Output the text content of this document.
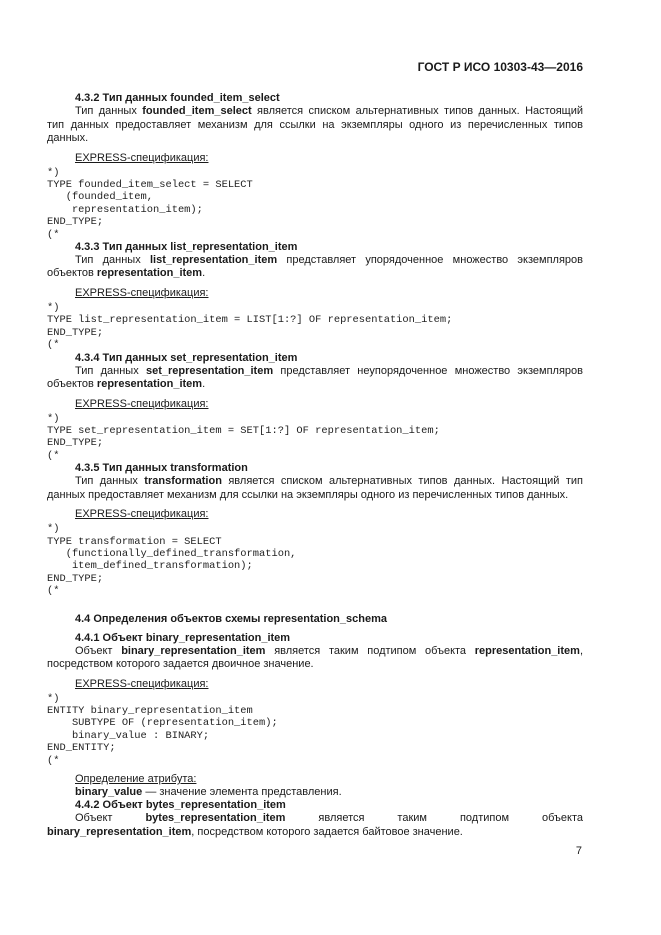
ГОСТ Р ИСО 10303-43—2016
4.3.2 Тип данных founded_item_select

Тип данных founded_item_select является списком альтернативных типов данных. Настоящий тип данных предоставляет механизм для ссылки на экземпляры одного из перечисленных типов данных.

EXPRESS-спецификация:
*)
TYPE founded_item_select = SELECT
(founded_item,
representation_item);
END_TYPE;
(*
4.3.3 Тип данных list_representation_item

Тип данных list_representation_item представляет упорядоченное множество экземпляров объектов representation_item.

EXPRESS-спецификация:
*)
TYPE list_representation_item = LIST[1:?] OF representation_item;
END_TYPE;
(*
4.3.4 Тип данных set_representation_item

Тип данных set_representation_item представляет неупорядоченное множество экземпляров объектов representation_item.

EXPRESS-спецификация:
*)
TYPE set_representation_item = SET[1:?] OF representation_item;
END_TYPE;
(*
4.3.5 Тип данных transformation

Тип данных transformation является списком альтернативных типов данных. Настоящий тип данных предоставляет механизм для ссылки на экземпляры одного из перечисленных типов данных.

EXPRESS-спецификация:
*)
TYPE transformation = SELECT
(functionally_defined_transformation,
item_defined_transformation);
END_TYPE;
(*
4.4 Определения объектов схемы representation_schema
4.4.1 Объект binary_representation_item

Объект binary_representation_item является таким подтипом объекта representation_item, посредством которого задается двоичное значение.

EXPRESS-спецификация:
*)
ENTITY binary_representation_item
SUBTYPE OF (representation_item);
binary_value : BINARY;
END_ENTITY;
(*
Определение атрибута:
binary_value — значение элемента представления.
4.4.2 Объект bytes_representation_item

Объект bytes_representation_item является таким подтипом объекта binary_representation_item, посредством которого задается байтовое значение.

7
